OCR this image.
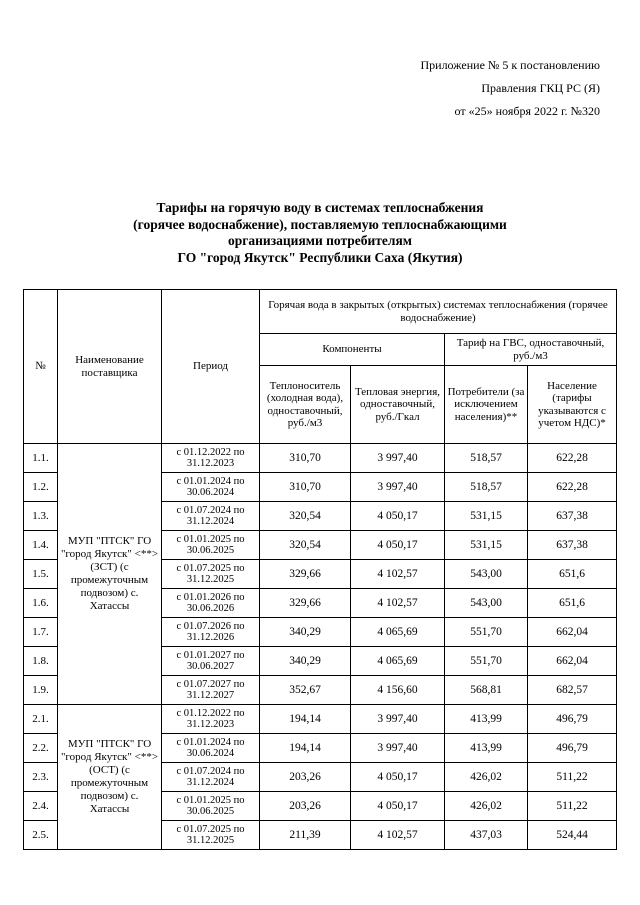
Приложение № 5 к постановлению
Правления ГКЦ РС (Я)
от «25» ноября 2022 г. №320
Тарифы на горячую воду в системах теплоснабжения
(горячее водоснабжение), поставляемую теплоснабжающими
организациями потребителям
ГО "город Якутск" Республики Саха (Якутия)
№	Наименование поставщика	Период	Горячая вода в закрытых (открытых) системах теплоснабжения (горячее водоснабжение)			
			Компоненты		Тариф на ГВС, одноставочный, руб./м3	
			Теплоноситель (холодная вода), одноставочный, руб./м3	Тепловая энергия, одноставочный, руб./Гкал	Потребители (за исключением населения)**	Население (тарифы указываются с учетом НДС)*
1.1.	МУП "ПТСК" ГО "город Якутск" <**> (ЗСТ) (с промежуточным подвозом) с. Хатассы	с 01.12.2022 по 31.12.2023	310,70	3 997,40	518,57	622,28
1.2.		с 01.01.2024 по 30.06.2024	310,70	3 997,40	518,57	622,28
1.3.		с 01.07.2024 по 31.12.2024	320,54	4 050,17	531,15	637,38
1.4.		с 01.01.2025 по 30.06.2025	320,54	4 050,17	531,15	637,38
1.5.		с 01.07.2025 по 31.12.2025	329,66	4 102,57	543,00	651,6
1.6.		с 01.01.2026 по 30.06.2026	329,66	4 102,57	543,00	651,6
1.7.		с 01.07.2026 по 31.12.2026	340,29	4 065,69	551,70	662,04
1.8.		с 01.01.2027 по 30.06.2027	340,29	4 065,69	551,70	662,04
1.9.		с 01.07.2027 по 31.12.2027	352,67	4 156,60	568,81	682,57
2.1.	МУП "ПТСК" ГО "город Якутск" <**> (ОСТ) (с промежуточным подвозом) с. Хатассы	с 01.12.2022 по 31.12.2023	194,14	3 997,40	413,99	496,79
2.2.		с 01.01.2024 по 30.06.2024	194,14	3 997,40	413,99	496,79
2.3.		с 01.07.2024 по 31.12.2024	203,26	4 050,17	426,02	511,22
2.4.		с 01.01.2025 по 30.06.2025	203,26	4 050,17	426,02	511,22
2.5.		с 01.07.2025 по 31.12.2025	211,39	4 102,57	437,03	524,44
